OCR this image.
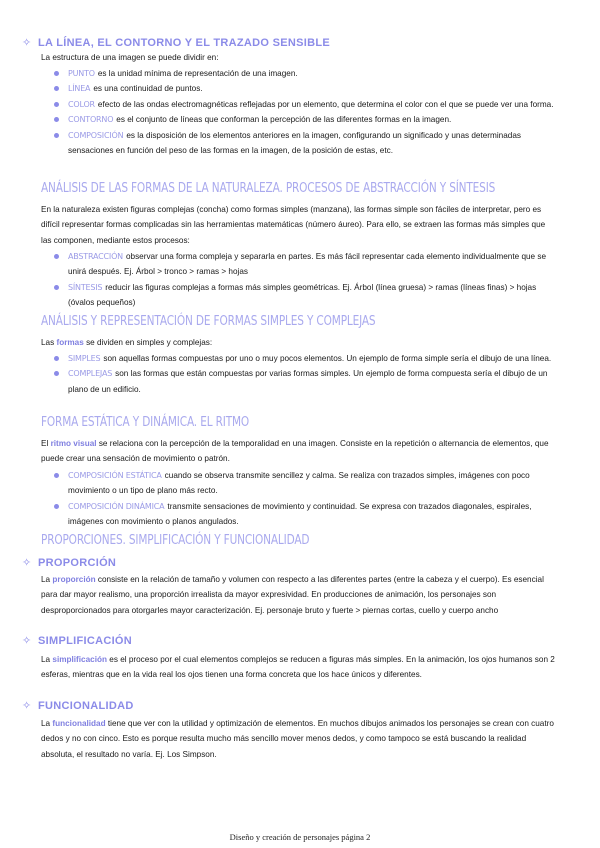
✧ LA LÍNEA, EL CONTORNO Y EL TRAZADO SENSIBLE
La estructura de una imagen se puede dividir en:
PUNTO es la unidad mínima de representación de una imagen.
LÍNEA es una continuidad de puntos.
COLOR efecto de las ondas electromagnéticas reflejadas por un elemento, que determina el color con el que se puede ver una forma.
CONTORNO es el conjunto de líneas que conforman la percepción de las diferentes formas en la imagen.
COMPOSICIÓN es la disposición de los elementos anteriores en la imagen, configurando un significado y unas determinadas sensaciones en función del peso de las formas en la imagen, de la posición de estas, etc.
ANÁLISIS DE LAS FORMAS DE LA NATURALEZA. PROCESOS DE ABSTRACCIÓN Y SÍNTESIS
En la naturaleza existen figuras complejas (concha) como formas simples (manzana), las formas simple son fáciles de interpretar, pero es difícil representar formas complicadas sin las herramientas matemáticas (número áureo). Para ello, se extraen las formas más simples que las componen, mediante estos procesos:
ABSTRACCIÓN observar una forma compleja y separarla en partes. Es más fácil representar cada elemento individualmente que se unirá después. Ej. Árbol > tronco > ramas > hojas
SÍNTESIS reducir las figuras complejas a formas más simples geométricas. Ej. Árbol (línea gruesa) > ramas (líneas finas) > hojas (óvalos pequeños)
ANÁLISIS Y REPRESENTACIÓN DE FORMAS SIMPLES Y COMPLEJAS
Las formas se dividen en simples y complejas:
SIMPLES son aquellas formas compuestas por uno o muy pocos elementos. Un ejemplo de forma simple sería el dibujo de una línea.
COMPLEJAS son las formas que están compuestas por varias formas simples. Un ejemplo de forma compuesta sería el dibujo de un plano de un edificio.
FORMA ESTÁTICA Y DINÁMICA. EL RITMO
El ritmo visual se relaciona con la percepción de la temporalidad en una imagen. Consiste en la repetición o alternancia de elementos, que puede crear una sensación de movimiento o patrón.
COMPOSICIÓN ESTÁTICA cuando se observa transmite sencillez y calma. Se realiza con trazados simples, imágenes con poco movimiento o un tipo de plano más recto.
COMPOSICIÓN DINÁMICA transmite sensaciones de movimiento y continuidad. Se expresa con trazados diagonales, espirales, imágenes con movimiento o planos angulados.
PROPORCIONES. SIMPLIFICACIÓN Y FUNCIONALIDAD
✧ PROPORCIÓN
La proporción consiste en la relación de tamaño y volumen con respecto a las diferentes partes (entre la cabeza y el cuerpo). Es esencial para dar mayor realismo, una proporción irrealista da mayor expresividad. En producciones de animación, los personajes son desproporcionados para otorgarles mayor caracterización. Ej. personaje bruto y fuerte > piernas cortas, cuello y cuerpo ancho
✧ SIMPLIFICACIÓN
La simplificación es el proceso por el cual elementos complejos se reducen a figuras más simples. En la animación, los ojos humanos son 2 esferas, mientras que en la vida real los ojos tienen una forma concreta que los hace únicos y diferentes.
✧ FUNCIONALIDAD
La funcionalidad tiene que ver con la utilidad y optimización de elementos. En muchos dibujos animados los personajes se crean con cuatro dedos y no con cinco. Esto es porque resulta mucho más sencillo mover menos dedos, y como tampoco se está buscando la realidad absoluta, el resultado no varía. Ej. Los Simpson.
Diseño y creación de personajes página 2
